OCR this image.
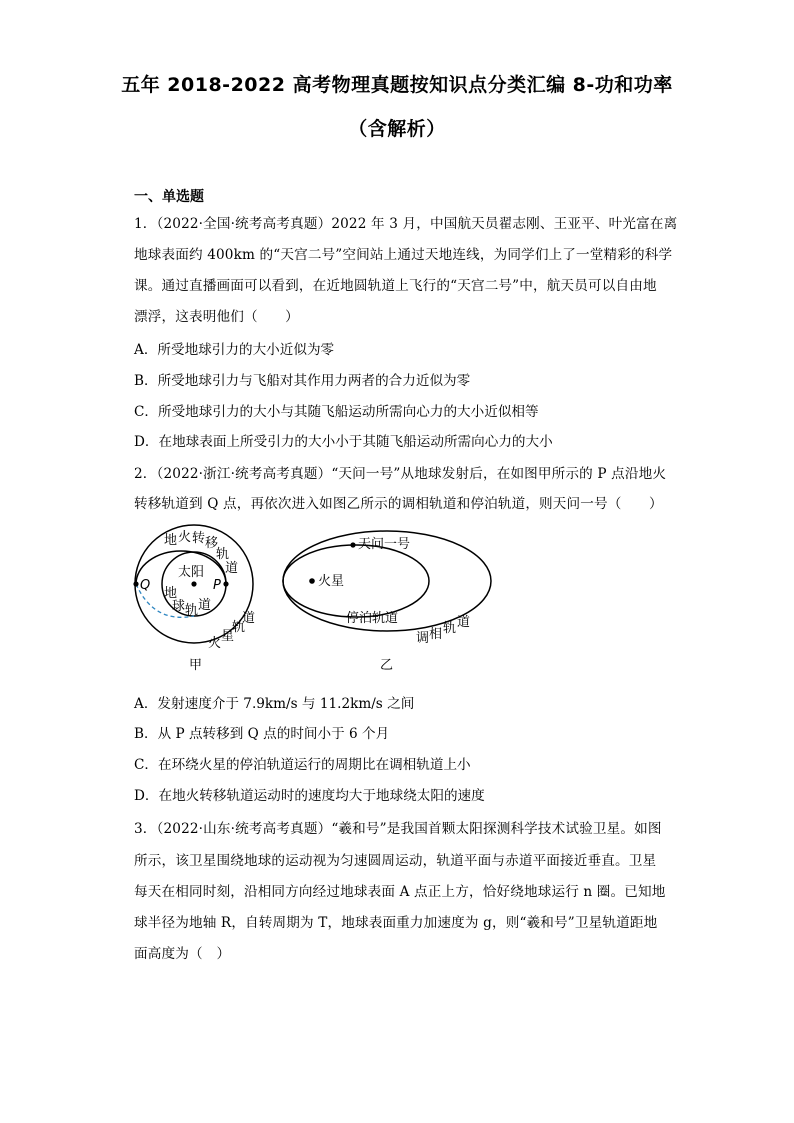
五年 2018-2022 高考物理真题按知识点分类汇编 8-功和功率
（含解析）
一、单选题
1．（2022·全国·统考高考真题）2022 年 3 月，中国航天员翟志刚、王亚平、叶光富在离
地球表面约 400km 的“天宫二号”空间站上通过天地连线，为同学们上了一堂精彩的科学
课。通过直播画面可以看到，在近地圆轨道上飞行的“天宫二号”中，航天员可以自由地
漂浮，这表明他们（　　）
A．所受地球引力的大小近似为零
B．所受地球引力与飞船对其作用力两者的合力近似为零
C．所受地球引力的大小与其随飞船运动所需向心力的大小近似相等
D．在地球表面上所受引力的大小小于其随飞船运动所需向心力的大小
2．（2022·浙江·统考高考真题）“天问一号”从地球发射后，在如图甲所示的 P 点沿地火
转移轨道到 Q 点，再依次进入如图乙所示的调相轨道和停泊轨道，则天问一号（　　）
地 火 转 移
轨
道
太阳
Q	P
地
球 轨 道
火 星
轨
道
甲
天问一号
火星
停泊轨道
调 相 轨 道
乙
A．发射速度介于 7.9km/s 与 11.2km/s 之间
B．从 P 点转移到 Q 点的时间小于 6 个月
C．在环绕火星的停泊轨道运行的周期比在调相轨道上小
D．在地火转移轨道运动时的速度均大于地球绕太阳的速度
3．（2022·山东·统考高考真题）“羲和号”是我国首颗太阳探测科学技术试验卫星。如图
所示，该卫星围绕地球的运动视为匀速圆周运动，轨道平面与赤道平面接近垂直。卫星
每天在相同时刻，沿相同方向经过地球表面 A 点正上方，恰好绕地球运行 n 圈。已知地
球半径为地轴 R，自转周期为 T，地球表面重力加速度为 g，则“羲和号”卫星轨道距地
面高度为（　）
